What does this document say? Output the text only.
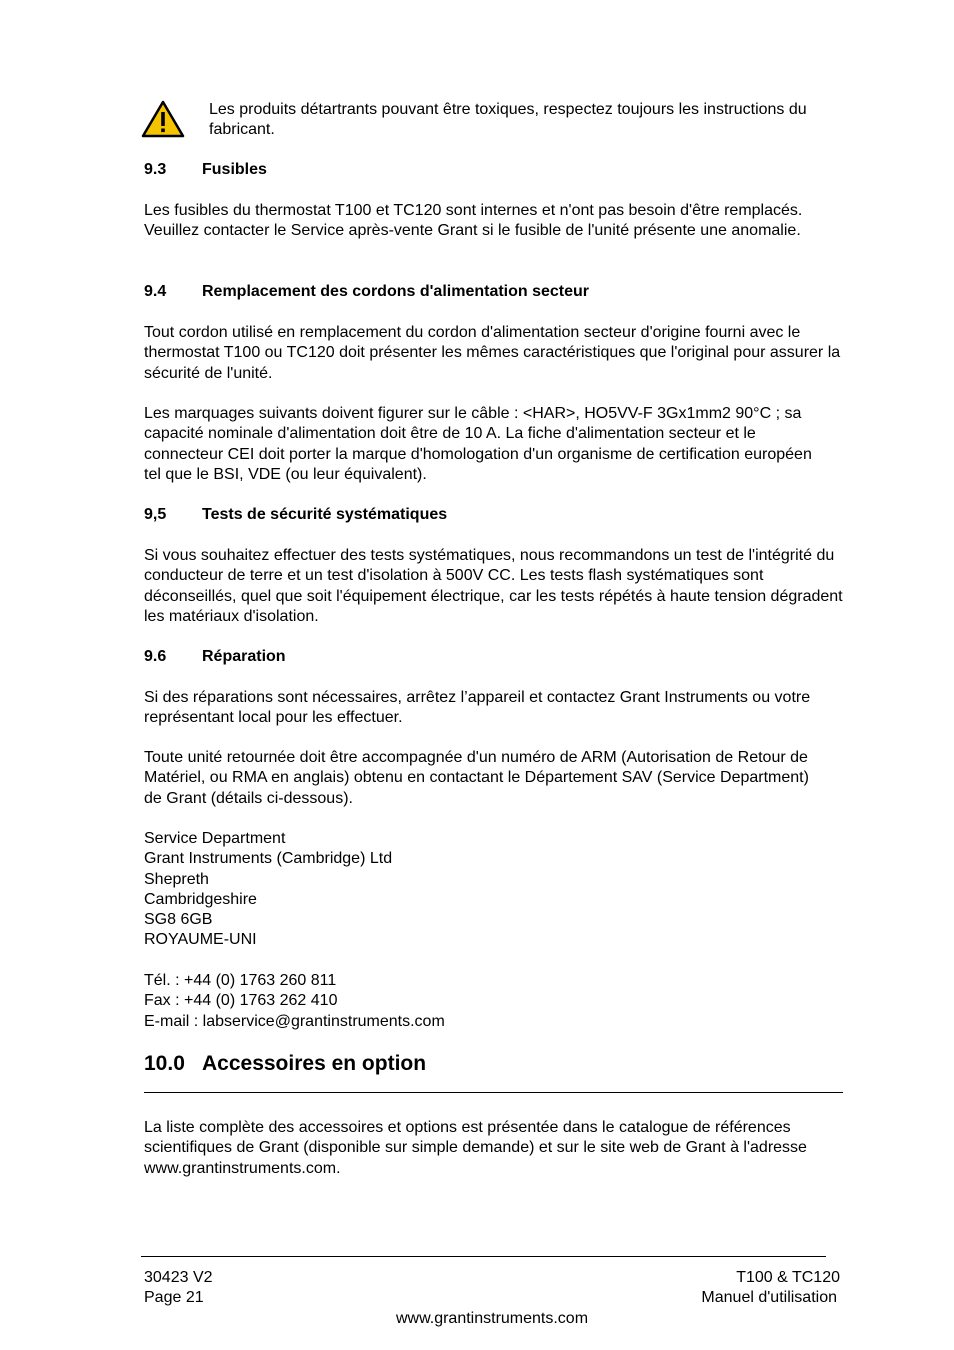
Les produits détartrants pouvant être toxiques, respectez toujours les instructions du fabricant.
9.3 Fusibles
Les fusibles du thermostat T100 et TC120 sont internes et n'ont pas besoin d'être remplacés. Veuillez contacter le Service après-vente Grant si le fusible de l'unité présente une anomalie.
9.4 Remplacement des cordons d'alimentation secteur
Tout cordon utilisé en remplacement du cordon d'alimentation secteur d'origine fourni avec le thermostat T100 ou TC120 doit présenter les mêmes caractéristiques que l'original pour assurer la sécurité de l'unité.
Les marquages suivants doivent figurer sur le câble : <HAR>, HO5VV-F 3Gx1mm2 90°C ; sa capacité nominale d'alimentation doit être de 10 A. La fiche d'alimentation secteur et le connecteur CEI doit porter la marque d'homologation d'un organisme de certification européen tel que le BSI, VDE (ou leur équivalent).
9,5 Tests de sécurité systématiques
Si vous souhaitez effectuer des tests systématiques, nous recommandons un test de l'intégrité du conducteur de terre et un test d'isolation à 500V CC. Les tests flash systématiques sont déconseillés, quel que soit l'équipement électrique, car les tests répétés à haute tension dégradent les matériaux d'isolation.
9.6 Réparation
Si des réparations sont nécessaires, arrêtez l’appareil et contactez Grant Instruments ou votre représentant local pour les effectuer.
Toute unité retournée doit être accompagnée d'un numéro de ARM (Autorisation de Retour de Matériel, ou RMA en anglais) obtenu en contactant le Département SAV (Service Department) de Grant (détails ci-dessous).
Service Department
Grant Instruments (Cambridge) Ltd
Shepreth
Cambridgeshire
SG8 6GB
ROYAUME-UNI
Tél. : +44 (0) 1763 260 811
Fax : +44 (0) 1763 262 410
E-mail : labservice@grantinstruments.com
10.0 Accessoires en option
La liste complète des accessoires et options est présentée dans le catalogue de références scientifiques de Grant (disponible sur simple demande) et sur le site web de Grant à l'adresse www.grantinstruments.com.
30423 V2
Page 21
T100 & TC120
Manuel d'utilisation
www.grantinstruments.com
